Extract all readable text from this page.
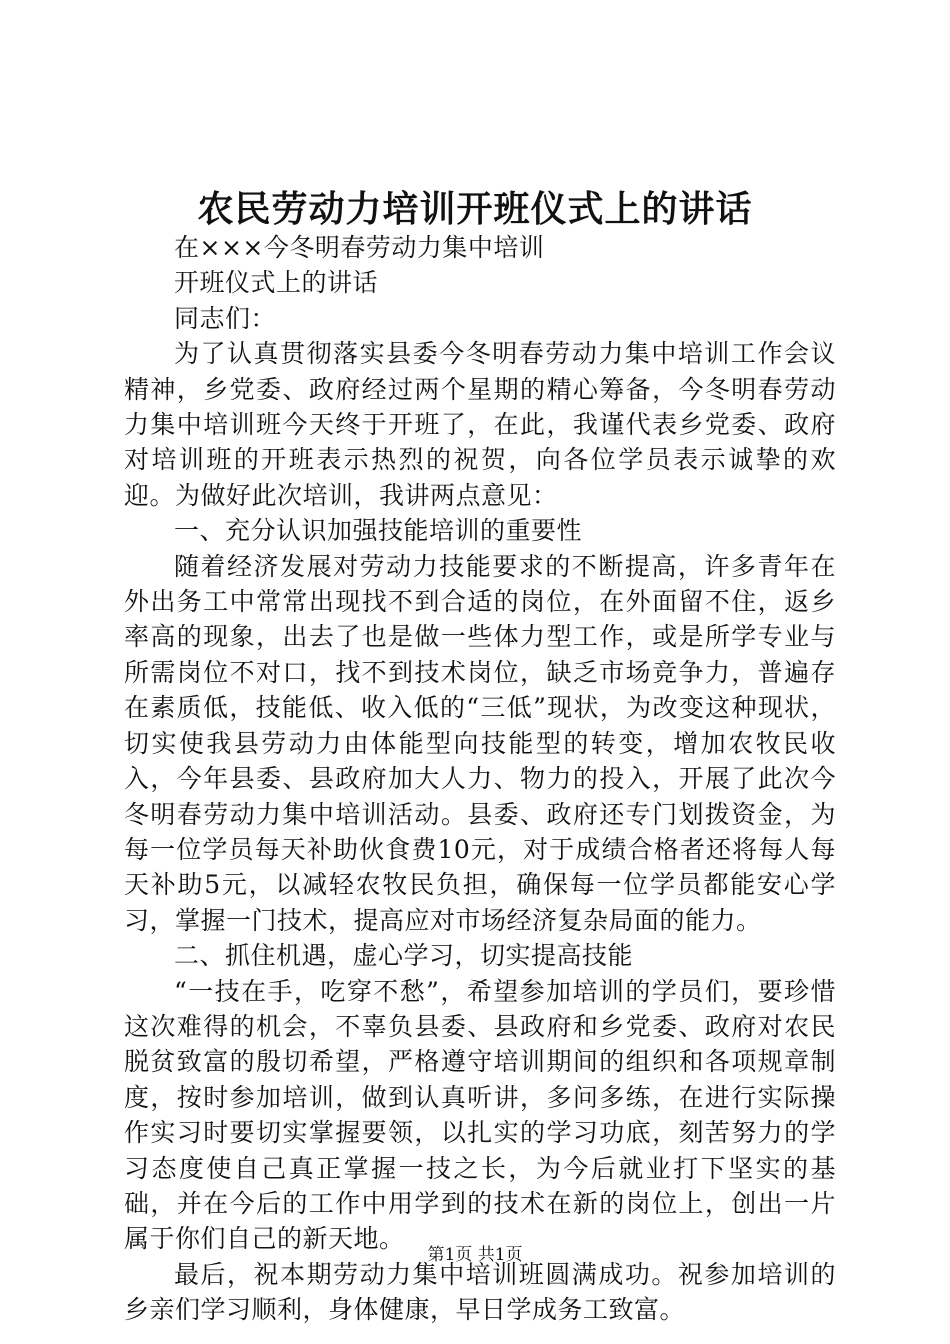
农民劳动力培训开班仪式上的讲话

在×××今冬明春劳动力集中培训

开班仪式上的讲话

同志们：

为了认真贯彻落实县委今冬明春劳动力集中培训工作会议精神，乡党委、政府经过两个星期的精心筹备，今冬明春劳动力集中培训班今天终于开班了，在此，我谨代表乡党委、政府对培训班的开班表示热烈的祝贺，向各位学员表示诚挚的欢迎。为做好此次培训，我讲两点意见：

一、充分认识加强技能培训的重要性

随着经济发展对劳动力技能要求的不断提高，许多青年在外出务工中常常出现找不到合适的岗位，在外面留不住，返乡率高的现象，出去了也是做一些体力型工作，或是所学专业与所需岗位不对口，找不到技术岗位，缺乏市场竞争力，普遍存在素质低，技能低、收入低的“三低”现状，为改变这种现状，切实使我县劳动力由体能型向技能型的转变，增加农牧民收入，今年县委、县政府加大人力、物力的投入，开展了此次今冬明春劳动力集中培训活动。县委、政府还专门划拨资金，为每一位学员每天补助伙食费10元，对于成绩合格者还将每人每天补助5元，以减轻农牧民负担，确保每一位学员都能安心学习，掌握一门技术，提高应对市场经济复杂局面的能力。

二、抓住机遇，虚心学习，切实提高技能

“一技在手，吃穿不愁”，希望参加培训的学员们，要珍惜这次难得的机会，不辜负县委、县政府和乡党委、政府对农民脱贫致富的殷切希望，严格遵守培训期间的组织和各项规章制度，按时参加培训，做到认真听讲，多问多练，在进行实际操作实习时要切实掌握要领，以扎实的学习功底，刻苦努力的学习态度使自己真正掌握一技之长，为今后就业打下坚实的基础，并在今后的工作中用学到的技术在新的岗位上，创出一片属于你们自己的新天地。

最后，祝本期劳动力集中培训班圆满成功。祝参加培训的乡亲们学习顺利，身体健康，早日学成务工致富。

第1页 共1页
